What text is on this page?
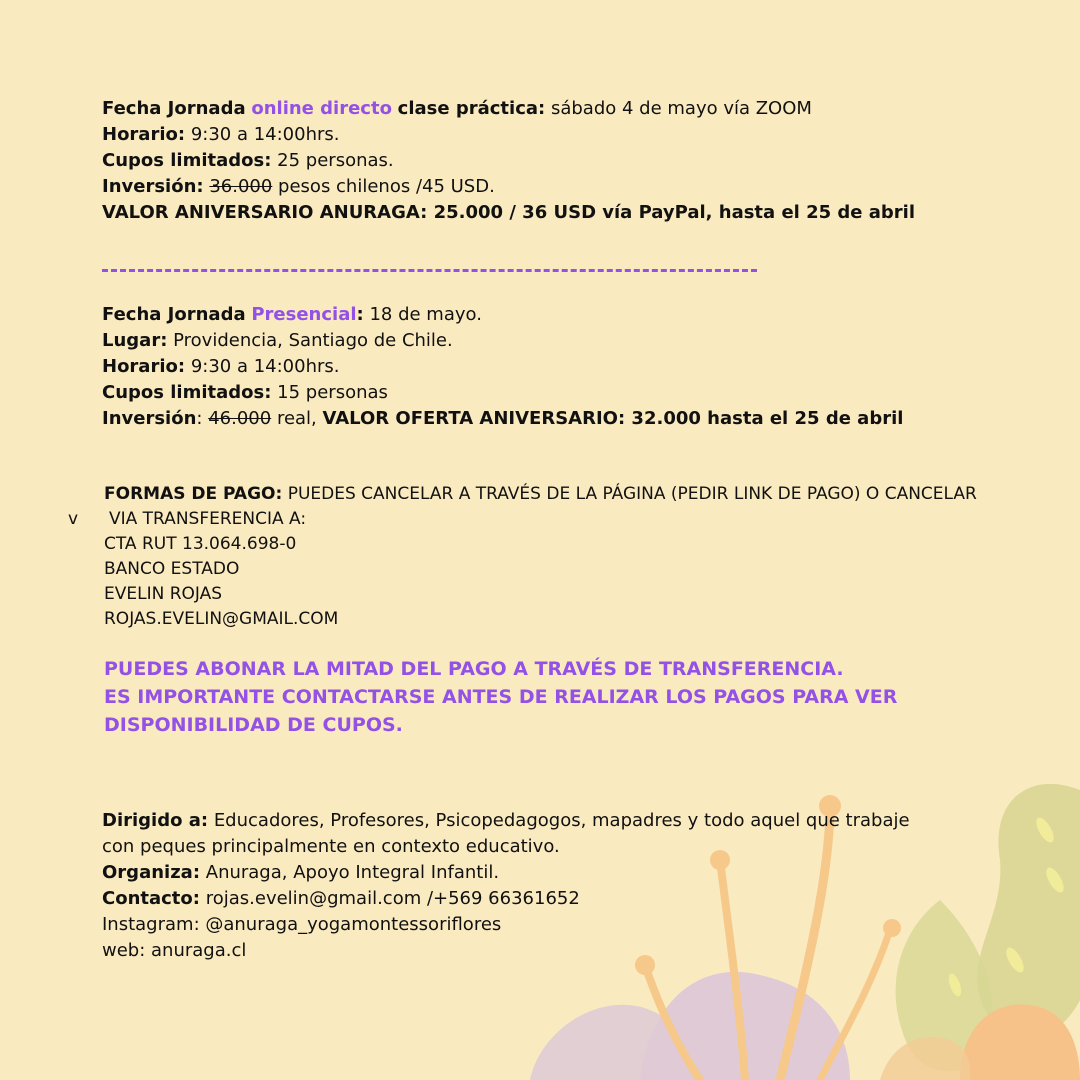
Fecha Jornada online directo clase práctica: sábado 4 de mayo vía ZOOM
Horario: 9:30 a 14:00hrs.
Cupos limitados: 25 personas.
Inversión: 36.000 pesos chilenos /45 USD.
VALOR ANIVERSARIO ANURAGA: 25.000 / 36 USD vía PayPal, hasta el 25 de abril
Fecha Jornada Presencial: 18 de mayo.
Lugar: Providencia, Santiago de Chile.
Horario: 9:30 a 14:00hrs.
Cupos limitados: 15 personas
Inversión: 46.000 real, VALOR OFERTA ANIVERSARIO: 32.000 hasta el 25 de abril
FORMAS DE PAGO: PUEDES CANCELAR A TRAVÉS DE LA PÁGINA (PEDIR LINK DE PAGO) O CANCELAR
VIA TRANSFERENCIA A:
CTA RUT 13.064.698-0
BANCO ESTADO
EVELIN ROJAS
ROJAS.EVELIN@GMAIL.COM
v
PUEDES ABONAR LA MITAD DEL PAGO A TRAVÉS DE TRANSFERENCIA.
ES IMPORTANTE CONTACTARSE ANTES DE REALIZAR LOS PAGOS PARA VER
DISPONIBILIDAD DE CUPOS.
Dirigido a: Educadores, Profesores, Psicopedagogos, mapadres y todo aquel que trabaje
con peques principalmente en contexto educativo.
Organiza: Anuraga, Apoyo Integral Infantil.
Contacto: rojas.evelin@gmail.com /+569 66361652
Instagram: @anuraga_yogamontessoriflores
web: anuraga.cl
